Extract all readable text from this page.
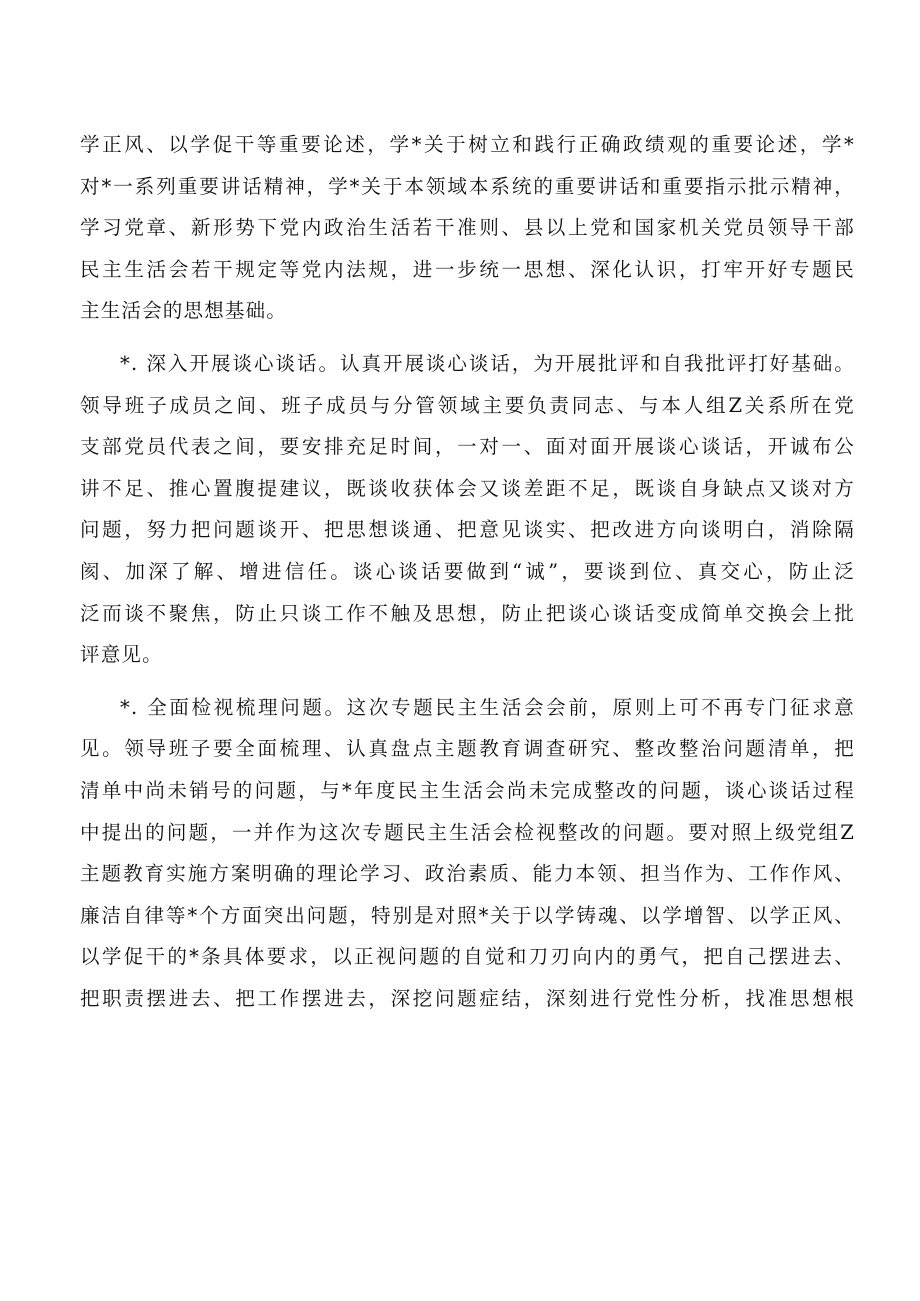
学正风、以学促干等重要论述，学*关于树立和践行正确政绩观的重要论述，学*
对*一系列重要讲话精神，学*关于本领域本系统的重要讲话和重要指示批示精神，
学习党章、新形势下党内政治生活若干准则、县以上党和国家机关党员领导干部
民主生活会若干规定等党内法规，进一步统一思想、深化认识，打牢开好专题民
主生活会的思想基础。
*. 深入开展谈心谈话。认真开展谈心谈话，为开展批评和自我批评打好基础。
领导班子成员之间、班子成员与分管领域主要负责同志、与本人组Z关系所在党
支部党员代表之间，要安排充足时间，一对一、面对面开展谈心谈话，开诚布公
讲不足、推心置腹提建议，既谈收获体会又谈差距不足，既谈自身缺点又谈对方
问题，努力把问题谈开、把思想谈通、把意见谈实、把改进方向谈明白，消除隔
阂、加深了解、增进信任。谈心谈话要做到“诚”，要谈到位、真交心，防止泛
泛而谈不聚焦，防止只谈工作不触及思想，防止把谈心谈话变成简单交换会上批
评意见。
*. 全面检视梳理问题。这次专题民主生活会会前，原则上可不再专门征求意
见。领导班子要全面梳理、认真盘点主题教育调查研究、整改整治问题清单，把
清单中尚未销号的问题，与*年度民主生活会尚未完成整改的问题，谈心谈话过程
中提出的问题，一并作为这次专题民主生活会检视整改的问题。要对照上级党组Z
主题教育实施方案明确的理论学习、政治素质、能力本领、担当作为、工作作风、
廉洁自律等*个方面突出问题，特别是对照*关于以学铸魂、以学增智、以学正风、
以学促干的*条具体要求，以正视问题的自觉和刀刃向内的勇气，把自己摆进去、
把职责摆进去、把工作摆进去，深挖问题症结，深刻进行党性分析，找准思想根
